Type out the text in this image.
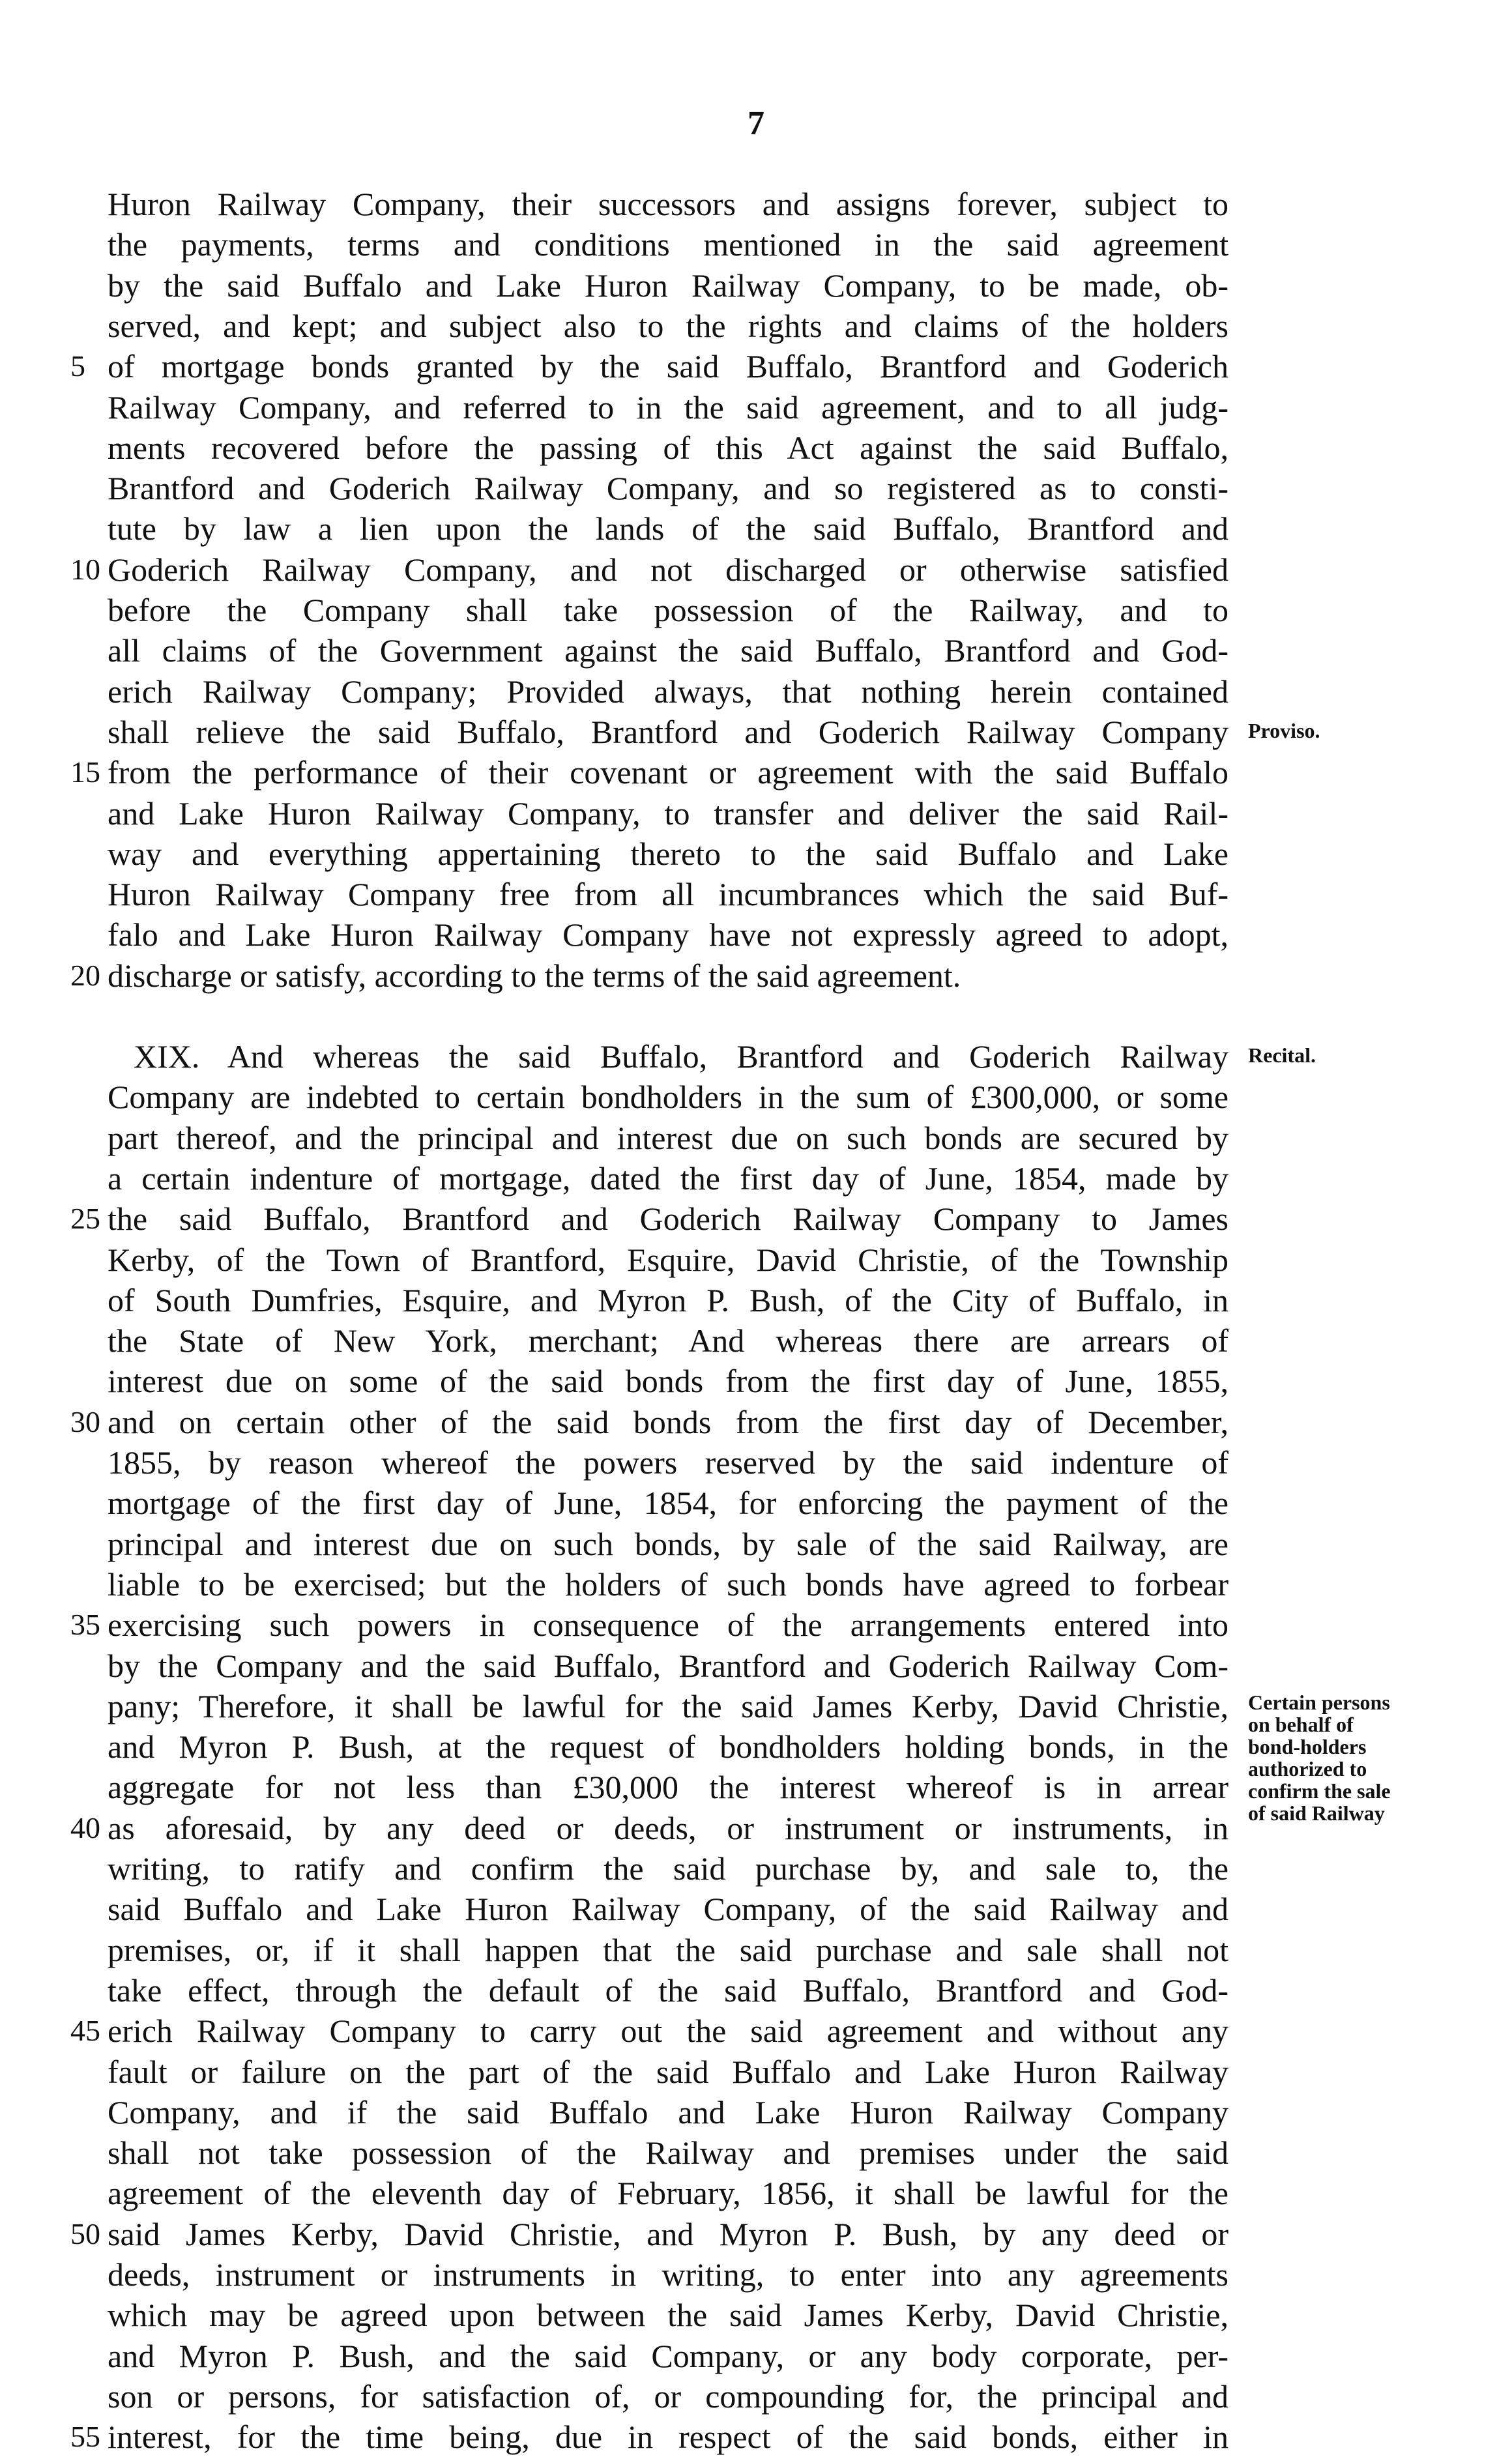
7
Huron Railway Company, their successors and assigns forever, subject to
the payments, terms and conditions mentioned in the said agreement
by the said Buffalo and Lake Huron Railway Company, to be made, ob-
served, and kept; and subject also to the rights and claims of the holders
5 of mortgage bonds granted by the said Buffalo, Brantford and Goderich
Railway Company, and referred to in the said agreement, and to all judg-
ments recovered before the passing of this Act against the said Buffalo,
Brantford and Goderich Railway Company, and so registered as to consti-
tute by law a lien upon the lands of the said Buffalo, Brantford and
10 Goderich Railway Company, and not discharged or otherwise satisfied
before the Company shall take possession of the Railway, and to
all claims of the Government against the said Buffalo, Brantford and God-
erich Railway Company; Provided always, that nothing herein contained
shall relieve the said Buffalo, Brantford and Goderich Railway Company
15 from the performance of their covenant or agreement with the said Buffalo
and Lake Huron Railway Company, to transfer and deliver the said Rail-
way and everything appertaining thereto to the said Buffalo and Lake
Huron Railway Company free from all incumbrances which the said Buf-
falo and Lake Huron Railway Company have not expressly agreed to adopt,
20 discharge or satisfy, according to the terms of the said agreement.
XIX. And whereas the said Buffalo, Brantford and Goderich Railway
Company are indebted to certain bondholders in the sum of £300,000, or some
part thereof, and the principal and interest due on such bonds are secured by
a certain indenture of mortgage, dated the first day of June, 1854, made by
25 the said Buffalo, Brantford and Goderich Railway Company to James
Kerby, of the Town of Brantford, Esquire, David Christie, of the Township
of South Dumfries, Esquire, and Myron P. Bush, of the City of Buffalo, in
the State of New York, merchant; And whereas there are arrears of
interest due on some of the said bonds from the first day of June, 1855,
30 and on certain other of the said bonds from the first day of December,
1855, by reason whereof the powers reserved by the said indenture of
mortgage of the first day of June, 1854, for enforcing the payment of the
principal and interest due on such bonds, by sale of the said Railway, are
liable to be exercised; but the holders of such bonds have agreed to forbear
35 exercising such powers in consequence of the arrangements entered into
by the Company and the said Buffalo, Brantford and Goderich Railway Com-
pany; Therefore, it shall be lawful for the said James Kerby, David Christie,
and Myron P. Bush, at the request of bondholders holding bonds, in the
aggregate for not less than £30,000 the interest whereof is in arrear
40 as aforesaid, by any deed or deeds, or instrument or instruments, in
writing, to ratify and confirm the said purchase by, and sale to, the
said Buffalo and Lake Huron Railway Company, of the said Railway and
premises, or, if it shall happen that the said purchase and sale shall not
take effect, through the default of the said Buffalo, Brantford and God-
45 erich Railway Company to carry out the said agreement and without any
fault or failure on the part of the said Buffalo and Lake Huron Railway
Company, and if the said Buffalo and Lake Huron Railway Company
shall not take possession of the Railway and premises under the said
agreement of the eleventh day of February, 1856, it shall be lawful for the
50 said James Kerby, David Christie, and Myron P. Bush, by any deed or
deeds, instrument or instruments in writing, to enter into any agreements
which may be agreed upon between the said James Kerby, David Christie,
and Myron P. Bush, and the said Company, or any body corporate, per-
son or persons, for satisfaction of, or compounding for, the principal and
55 interest, for the time being, due in respect of the said bonds, either in
Proviso.
Recital.
Certain persons
on behalf of
bond-holders
authorized to
confirm the sale
of said Railway
